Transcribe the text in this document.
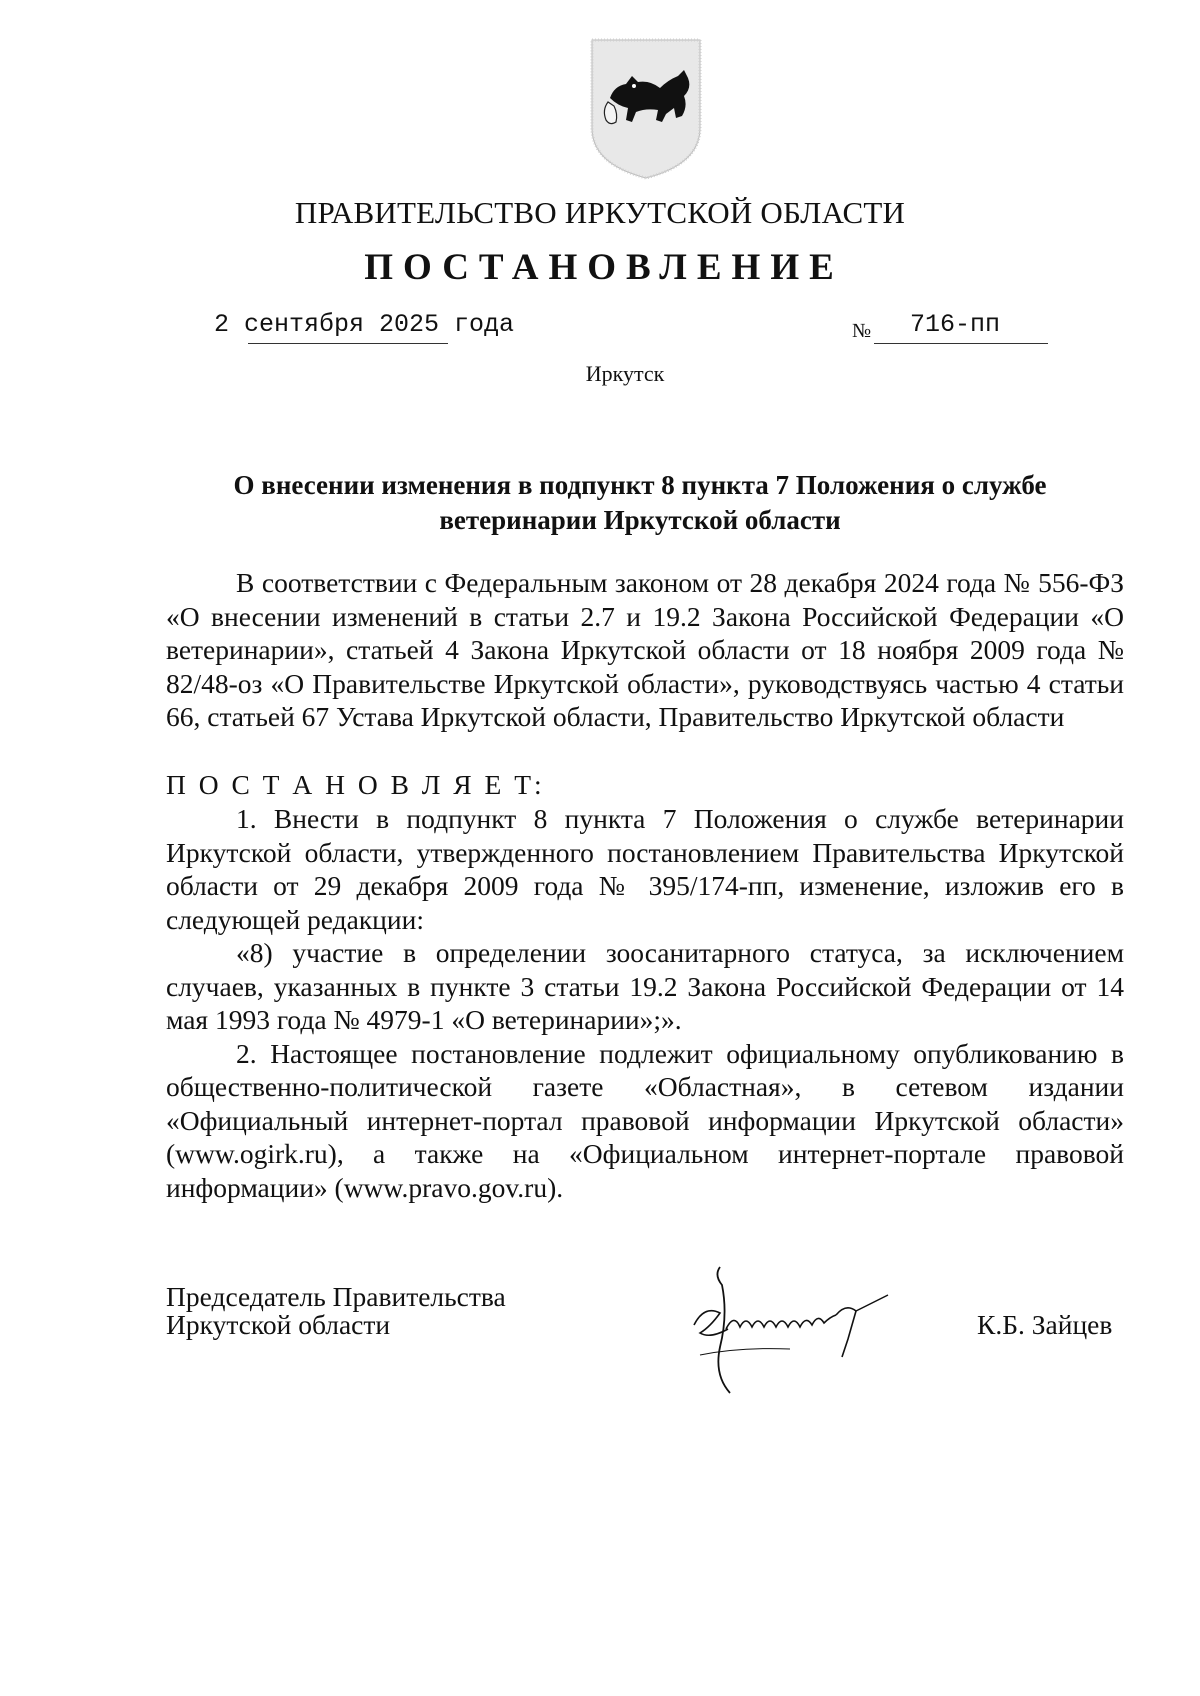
ПРАВИТЕЛЬСТВО ИРКУТСКОЙ ОБЛАСТИ
ПОСТАНОВЛЕНИЕ
2 сентября 2025 года	№ 716-пп
Иркутск
О внесении изменения в подпункт 8 пункта 7 Положения о службе ветеринарии Иркутской области

В соответствии с Федеральным законом от 28 декабря 2024 года № 556-ФЗ «О внесении изменений в статьи 2.7 и 19.2 Закона Российской Федерации «О ветеринарии», статьей 4 Закона Иркутской области от 18 ноября 2009 года № 82/48-оз «О Правительстве Иркутской области», руководствуясь частью 4 статьи 66, статьей 67 Устава Иркутской области, Правительство Иркутской области

П О С Т А Н О В Л Я Е Т:

1. Внести в подпункт 8 пункта 7 Положения о службе ветеринарии Иркутской области, утвержденного постановлением Правительства Иркутской области от 29 декабря 2009 года № 395/174-пп, изменение, изложив его в следующей редакции:

«8) участие в определении зоосанитарного статуса, за исключением случаев, указанных в пункте 3 статьи 19.2 Закона Российской Федерации от 14 мая 1993 года № 4979-1 «О ветеринарии»;».

2. Настоящее постановление подлежит официальному опубликованию в общественно-политической газете «Областная», в сетевом издании «Официальный интернет-портал правовой информации Иркутской области» (www.ogirk.ru), а также на «Официальном интернет-портале правовой информации» (www.pravo.gov.ru).

Председатель Правительства
Иркутской области	К.Б. Зайцев
